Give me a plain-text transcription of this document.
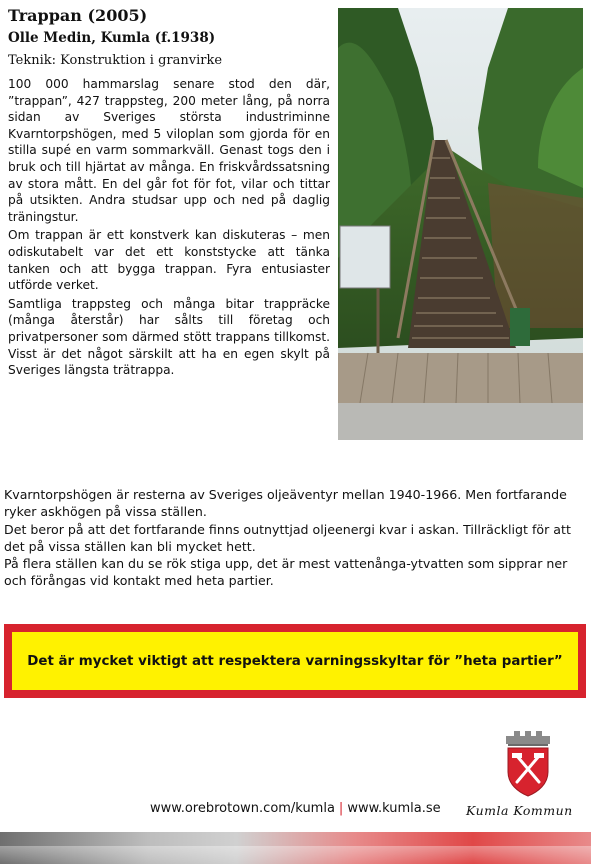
Trappan (2005)
Olle Medin, Kumla (f.1938)
Teknik: Konstruktion i granvirke

100 000 hammarslag senare stod den där, ”trappan”, 427 trappsteg, 200 meter lång, på norra sidan av Sveriges största industriminne Kvarntorpshögen, med 5 viloplan som gjorda för en stilla supé en varm sommarkväll. Genast togs den i bruk och till hjärtat av många. En friskvårdssatsning av stora mått. En del går fot för fot, vilar och tittar på utsikten. Andra studsar upp och ned på daglig träningstur.

Om trappan är ett konstverk kan diskuteras – men odiskutabelt var det ett konststycke att tänka tanken och att bygga trappan. Fyra entusiaster utförde verket.

Samtliga trappsteg och många bitar trappräcke (många återstår) har sålts till företag och privatpersoner som därmed stött trappans tillkomst. Visst är det något särskilt att ha en egen skylt på Sveriges längsta trätrappa.

Kvarntorpshögen är resterna av Sveriges oljeäventyr mellan 1940-1966. Men fortfarande ryker askhögen på vissa ställen.

Det beror på att det fortfarande finns outnyttjad oljeenergi kvar i askan. Tillräckligt för att det på vissa ställen kan bli mycket hett.

På flera ställen kan du se rök stiga upp, det är mest vattenånga-ytvatten som sipprar ner och förångas vid kontakt med heta partier.

Det är mycket viktigt att respektera varningsskyltar för ”heta partier”
www.orebrotown.com/kumla | www.kumla.se Kumla Kommun
